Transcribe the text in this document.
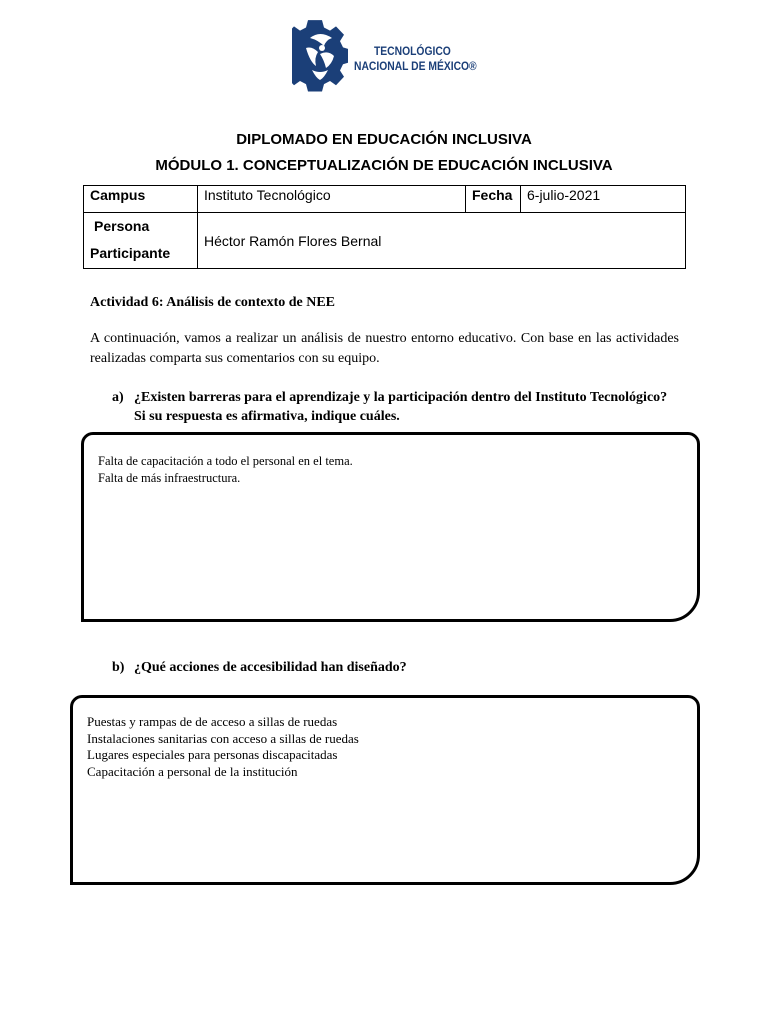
TECNOLÓGICO
NACIONAL DE MÉXICO®
DIPLOMADO EN EDUCACIÓN INCLUSIVA
MÓDULO 1. CONCEPTUALIZACIÓN DE EDUCACIÓN INCLUSIVA
Campus	Instituto Tecnológico	Fecha	6-julio-2021

Persona
Participante	Héctor Ramón Flores Bernal		
Actividad 6: Análisis de contexto de NEE
A continuación, vamos a realizar un análisis de nuestro entorno educativo. Con base en las actividades realizadas comparta sus comentarios con su equipo.
a) ¿Existen barreras para el aprendizaje y la participación dentro del Instituto Tecnológico? Si su respuesta es afirmativa, indique cuáles.
Falta de capacitación a todo el personal en el tema.
Falta de más infraestructura.
b) ¿Qué acciones de accesibilidad han diseñado?
Puestas y rampas de de acceso a sillas de ruedas
Instalaciones sanitarias con acceso a sillas de ruedas
Lugares especiales para personas discapacitadas
Capacitación a personal de la institución
